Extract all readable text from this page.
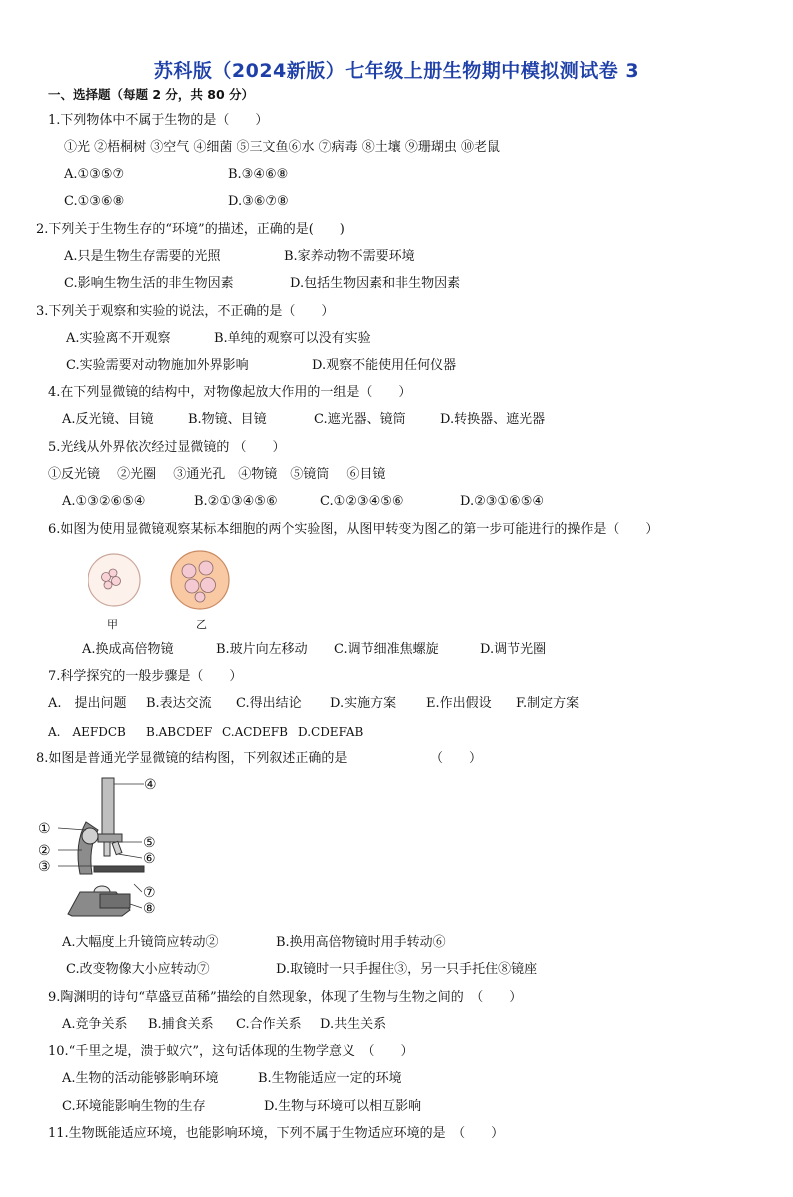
苏科版（2024新版）七年级上册生物期中模拟测试卷 3
一、选择题（每题 2 分，共 80 分）
1.下列物体中不属于生物的是（　　）
①光 ②梧桐树 ③空气 ④细菌 ⑤三文鱼⑥水 ⑦病毒 ⑧土壤 ⑨珊瑚虫 ⑩老鼠
A.①③⑤⑦	B.③④⑥⑧
C.①③⑥⑧	D.③⑥⑦⑧
2.下列关于生物生存的“环境”的描述，正确的是(　　)
A.只是生物生存需要的光照	B.家养动物不需要环境
C.影响生物生活的非生物因素	D.包括生物因素和非生物因素
3.下列关于观察和实验的说法，不正确的是（　　）
A.实验离不开观察	B.单纯的观察可以没有实验
C.实验需要对动物施加外界影响	D.观察不能使用任何仪器
4.在下列显微镜的结构中，对物像起放大作用的一组是（　　）
A.反光镜、目镜	B.物镜、目镜	C.遮光器、镜筒	D.转换器、遮光器
5.光线从外界依次经过显微镜的 （　　）
①反光镜　 ②光圈　 ③通光孔　④物镜　⑤镜筒　 ⑥目镜
A.①③②⑥⑤④	B.②①③④⑤⑥	C.①②③④⑤⑥	D.②③①⑥⑤④
6.如图为使用显微镜观察某标本细胞的两个实验图，从图甲转变为图乙的第一步可能进行的操作是（　　）
甲	乙
A.换成高倍物镜	B.玻片向左移动 C.调节细准焦螺旋	D.调节光圈
7.科学探究的一般步骤是（　　）
A.　提出问题 B.表达交流 C.得出结论 D.实施方案 E.作出假设 F.制定方案
A.　AEFDCB B.ABCDEF C.ACDEFB D.CDEFAB
8.如图是普通光学显微镜的结构图，下列叙述正确的是	（　　）
④
①
②
③
⑤
⑥
⑦
⑧
A.大幅度上升镜筒应转动②	B.换用高倍物镜时用手转动⑥
C.改变物像大小应转动⑦	D.取镜时一只手握住③，另一只手托住⑧镜座
9.陶渊明的诗句“草盛豆苗稀”描绘的自然现象，体现了生物与生物之间的　（　　）
A.竞争关系 B.捕食关系 C.合作关系 D.共生关系
10.“千里之堤，溃于蚁穴”，这句话体现的生物学意义　（　　）
A.生物的活动能够影响环境	B.生物能适应一定的环境
C.环境能影响生物的生存	D.生物与环境可以相互影响
11.生物既能适应环境，也能影响环境，下列不属于生物适应环境的是　（　　）
